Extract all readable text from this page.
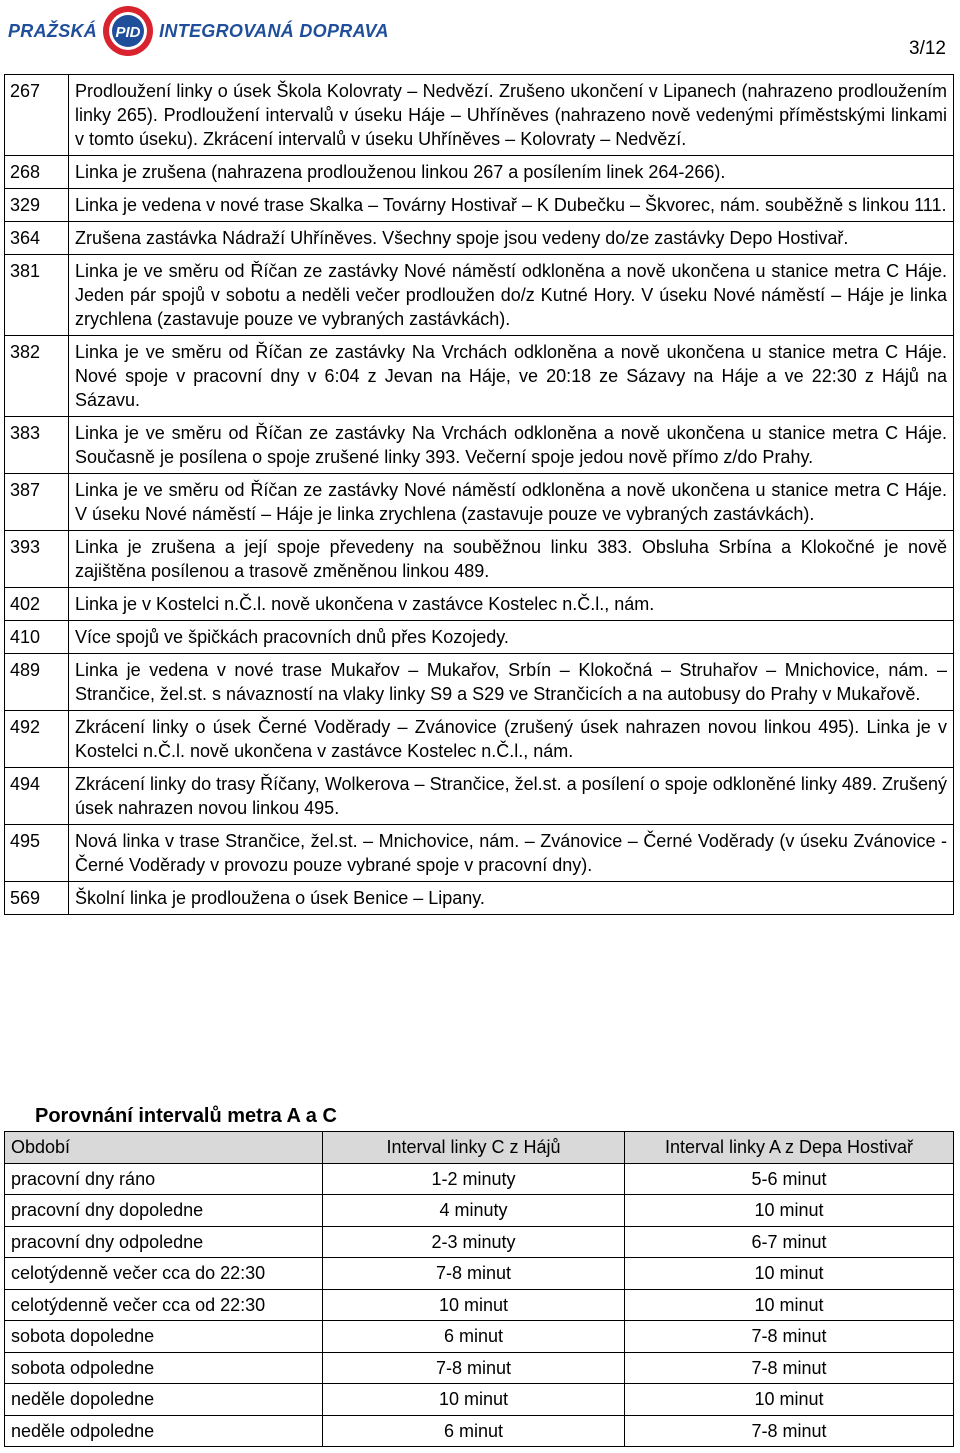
PRAŽSKÁ PID INTEGROVANÁ DOPRAVA
3/12
267	Prodloužení linky o úsek Škola Kolovraty – Nedvězí. Zrušeno ukončení v Lipanech (nahrazeno prodloužením linky 265). Prodloužení intervalů v úseku Háje – Uhříněves (nahrazeno nově vedenými příměstskými linkami v tomto úseku). Zkrácení intervalů v úseku Uhříněves – Kolovraty – Nedvězí.
268	Linka je zrušena (nahrazena prodlouženou linkou 267 a posílením linek 264-266).
329	Linka je vedena v nové trase Skalka – Továrny Hostivař – K Dubečku – Škvorec, nám. souběžně s linkou 111.
364	Zrušena zastávka Nádraží Uhříněves. Všechny spoje jsou vedeny do/ze zastávky Depo Hostivař.
381	Linka je ve směru od Říčan ze zastávky Nové náměstí odkloněna a nově ukončena u stanice metra C Háje. Jeden pár spojů v sobotu a neděli večer prodloužen do/z Kutné Hory. V úseku Nové náměstí – Háje je linka zrychlena (zastavuje pouze ve vybraných zastávkách).
382	Linka je ve směru od Říčan ze zastávky Na Vrchách odkloněna a nově ukončena u stanice metra C Háje. Nové spoje v pracovní dny v 6:04 z Jevan na Háje, ve 20:18 ze Sázavy na Háje a ve 22:30 z Hájů na Sázavu.
383	Linka je ve směru od Říčan ze zastávky Na Vrchách odkloněna a nově ukončena u stanice metra C Háje. Současně je posílena o spoje zrušené linky 393. Večerní spoje jedou nově přímo z/do Prahy.
387	Linka je ve směru od Říčan ze zastávky Nové náměstí odkloněna a nově ukončena u stanice metra C Háje. V úseku Nové náměstí – Háje je linka zrychlena (zastavuje pouze ve vybraných zastávkách).
393	Linka je zrušena a její spoje převedeny na souběžnou linku 383. Obsluha Srbína a Klokočné je nově zajištěna posílenou a trasově změněnou linkou 489.
402	Linka je v Kostelci n.Č.l. nově ukončena v zastávce Kostelec n.Č.l., nám.
410	Více spojů ve špičkách pracovních dnů přes Kozojedy.
489	Linka je vedena v nové trase Mukařov – Mukařov, Srbín – Klokočná – Struhařov – Mnichovice, nám. – Strančice, žel.st. s návazností na vlaky linky S9 a S29 ve Strančicích a na autobusy do Prahy v Mukařově.
492	Zkrácení linky o úsek Černé Voděrady – Zvánovice (zrušený úsek nahrazen novou linkou 495). Linka je v Kostelci n.Č.l. nově ukončena v zastávce Kostelec n.Č.l., nám.
494	Zkrácení linky do trasy Říčany, Wolkerova – Strančice, žel.st. a posílení o spoje odkloněné linky 489. Zrušený úsek nahrazen novou linkou 495.
495	Nová linka v trase Strančice, žel.st. – Mnichovice, nám. – Zvánovice – Černé Voděrady (v úseku Zvánovice - Černé Voděrady v provozu pouze vybrané spoje v pracovní dny).
569	Školní linka je prodloužena o úsek Benice – Lipany.
Porovnání intervalů metra A a C
Období	Interval linky C z Hájů	Interval linky A z Depa Hostivař
pracovní dny ráno	1-2 minuty	5-6 minut
pracovní dny dopoledne	4 minuty	10 minut
pracovní dny odpoledne	2-3 minuty	6-7 minut
celotýdenně večer cca do 22:30	7-8 minut	10 minut
celotýdenně večer cca od 22:30	10 minut	10 minut
sobota dopoledne	6 minut	7-8 minut
sobota odpoledne	7-8 minut	7-8 minut
neděle dopoledne	10 minut	10 minut
neděle odpoledne	6 minut	7-8 minut
